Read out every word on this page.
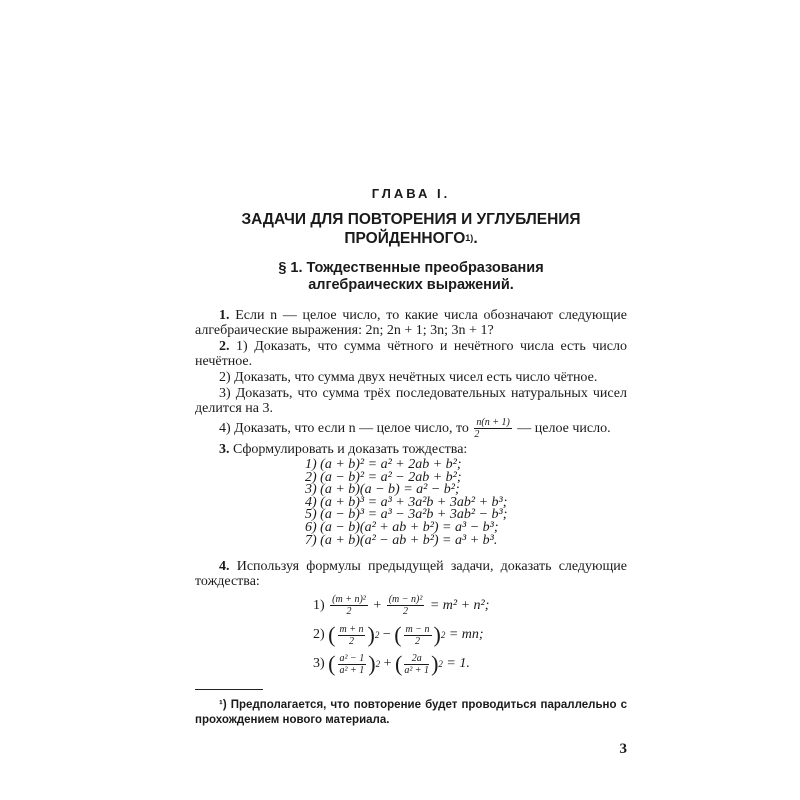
ГЛАВА I.
ЗАДАЧИ ДЛЯ ПОВТОРЕНИЯ И УГЛУБЛЕНИЯ
ПРОЙДЕННОГО$^{1)}$.
§ 1. Тождественные преобразования алгебраических выражений.
1. Если n — целое число, то какие числа обозначают следующие алгебраические выражения: 2n; 2n + 1; 3n; 3n + 1?
2. 1) Доказать, что сумма чётного и нечётного числа есть число нечётное.
2) Доказать, что сумма двух нечётных чисел есть число чётное.
3) Доказать, что сумма трёх последовательных натуральных чисел делится на 3.
4) Доказать, что если n — целое число, то $\frac{n(n + 1)}{2}$ — целое число.
3. Сформулировать и доказать тождества:
1) (a + b)² = a² + 2ab + b²;
2) (a − b)² = a² − 2ab + b²;
3) (a + b)(a − b) = a² − b²;
4) (a + b)³ = a³ + 3a²b + 3ab² + b³;
5) (a − b)³ = a³ − 3a²b + 3ab² − b³;
6) (a − b)(a² + ab + b²) = a³ − b³;
7) (a + b)(a² − ab + b²) = a³ + b³.
4. Используя формулы предыдущей задачи, доказать следующие тождества:
$1) \frac{\text{(m + n)²}}{2} + \frac{\text{(m − n)²}}{2} = m^2 + n^2$;
2) ( $\frac{m + n}{2} )^2$ − ( $\frac{m - n}{2} )^2$ = mn;
3) ( $\frac{\text{a² − 1}}{\text{a² + 1}} )^2$ + ( $\frac{2a}{\text{a² + 1}} )^2 = 1$.
¹) Предполагается, что повторение будет проводиться параллельно с прохождением нового материала.
3
